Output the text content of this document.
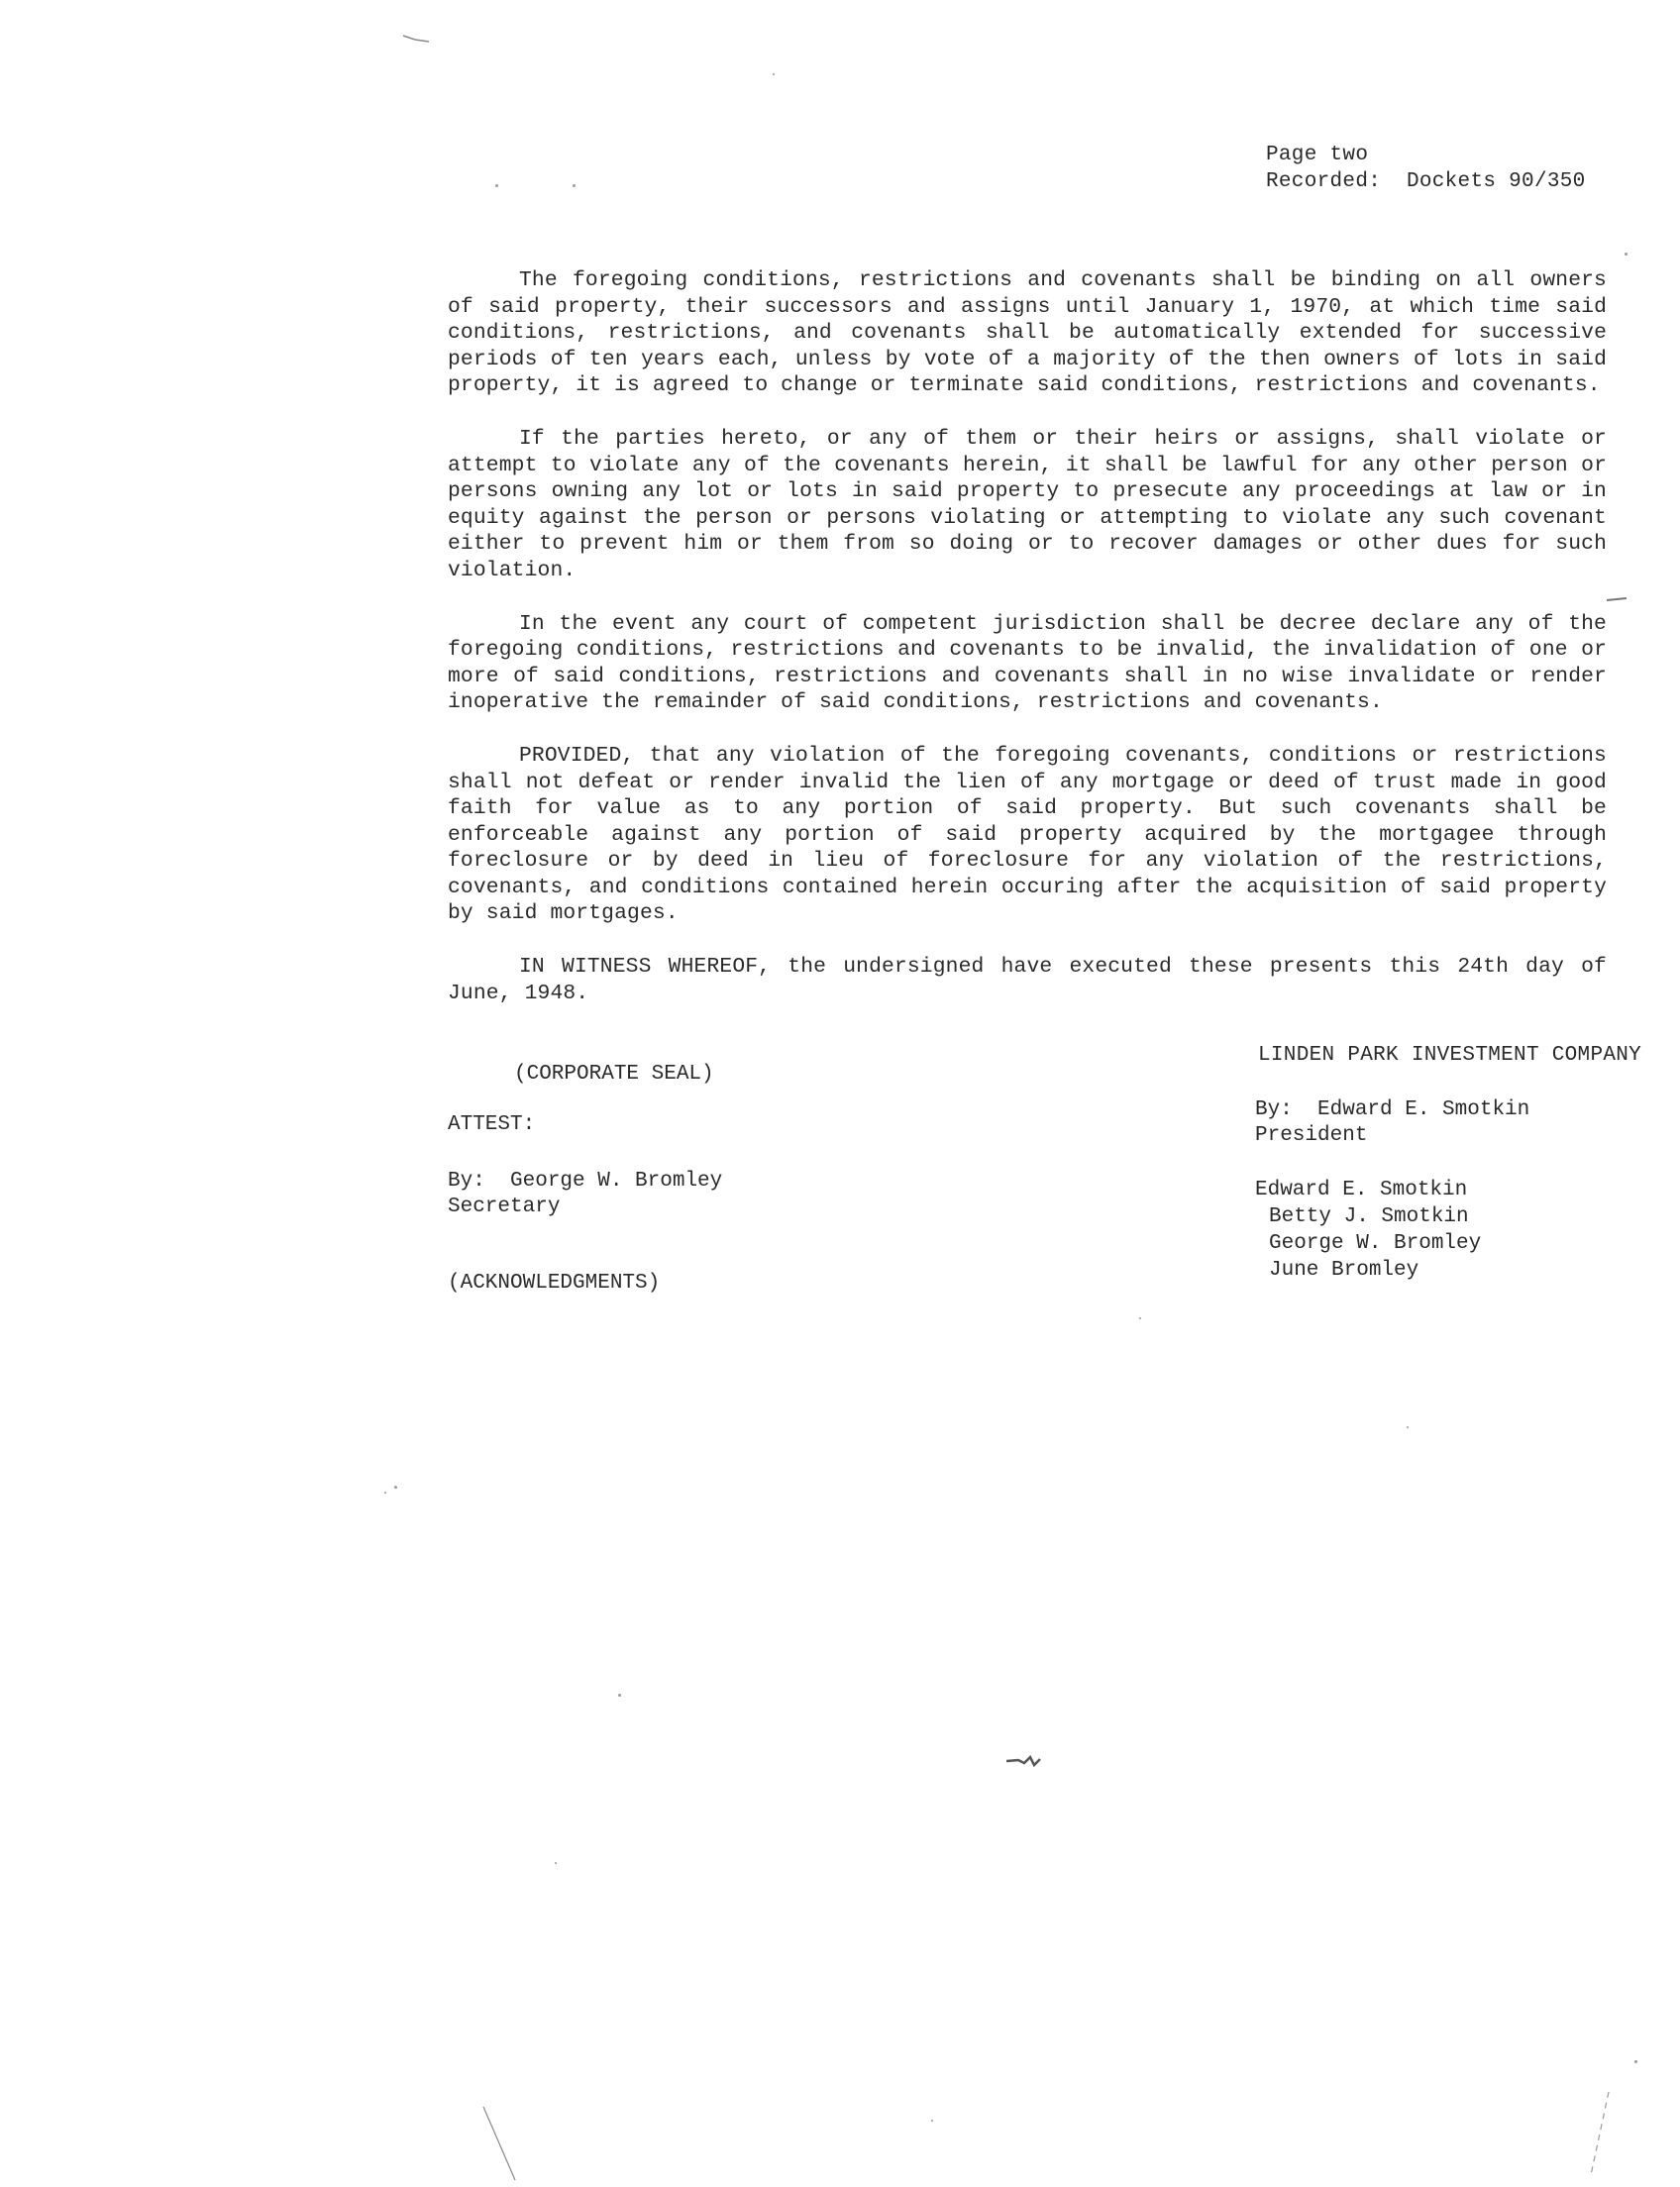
Page two
Recorded: Dockets 90/350

The foregoing conditions, restrictions and covenants shall be binding on all owners of said property, their successors and assigns until January 1, 1970, at which time said conditions, restrictions, and covenants shall be automatically extended for successive periods of ten years each, unless by vote of a majority of the then owners of lots in said property, it is agreed to change or terminate said conditions, restrictions and covenants.

If the parties hereto, or any of them or their heirs or assigns, shall violate or attempt to violate any of the covenants herein, it shall be lawful for any other person or persons owning any lot or lots in said property to presecute any proceedings at law or in equity against the person or persons violating or attempting to violate any such covenant either to prevent him or them from so doing or to recover damages or other dues for such violation.

In the event any court of competent jurisdiction shall be decree declare any of the foregoing conditions, restrictions and covenants to be invalid, the invalidation of one or more of said conditions, restrictions and covenants shall in no wise invalidate or render inoperative the remainder of said conditions, restrictions and covenants.

PROVIDED, that any violation of the foregoing covenants, conditions or restrictions shall not defeat or render invalid the lien of any mortgage or deed of trust made in good faith for value as to any portion of said property. But such covenants shall be enforceable against any portion of said property acquired by the mortgagee through foreclosure or by deed in lieu of foreclosure for any violation of the restrictions, covenants, and conditions contained herein occuring after the acquisition of said property by said mortgages.

IN WITNESS WHEREOF, the undersigned have executed these presents this 24th day of June, 1948.

(CORPORATE SEAL)
ATTEST:
By:  George W. Bromley
Secretary
(ACKNOWLEDGMENTS)
LINDEN PARK INVESTMENT COMPANY
By:  Edward E. Smotkin
President
Edward E. Smotkin
Betty J. Smotkin
George W. Bromley
June Bromley
